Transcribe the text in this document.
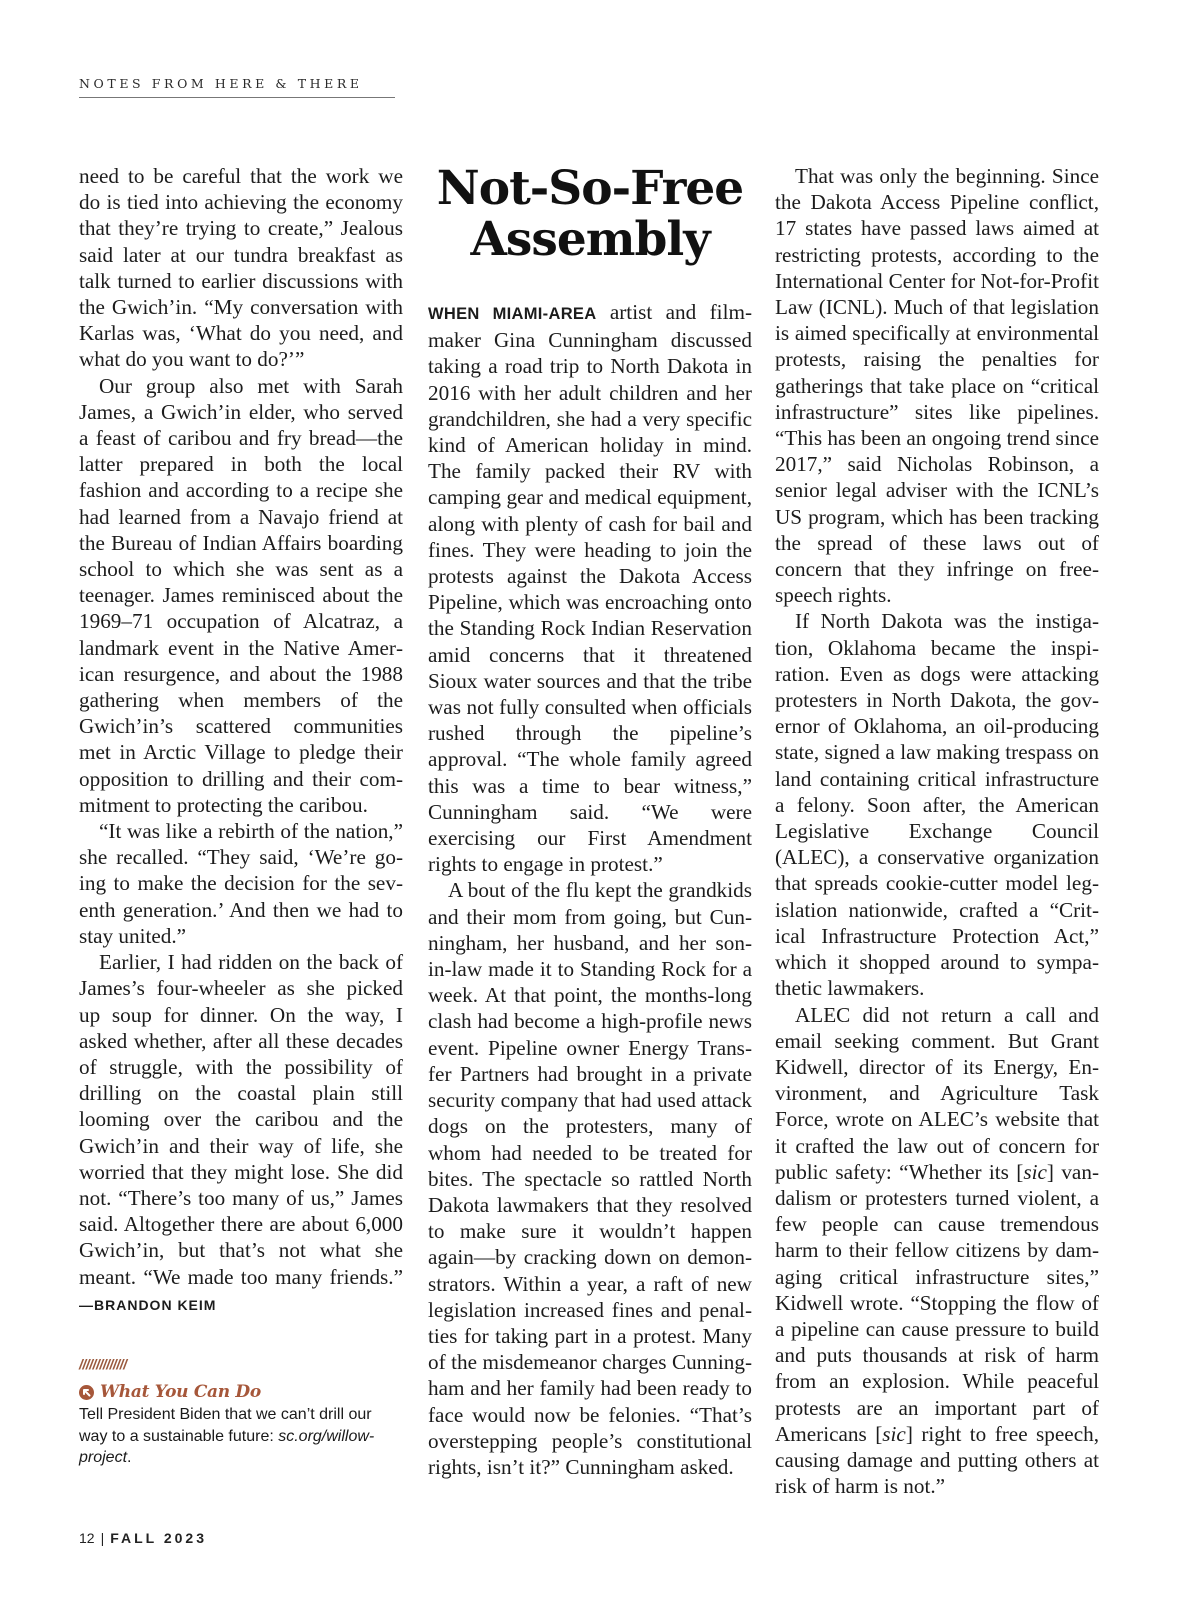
NOTES FROM HERE & THERE

need to be careful that the work we do is tied into achieving the economy that they’re trying to create,” Jealous said later at our tundra breakfast as talk turned to earlier discussions with the Gwich’in. “My conversation with Karlas was, ‘What do you need, and what do you want to do?’”

Our group also met with Sarah James, a Gwich’in elder, who served a feast of caribou and fry bread—the latter prepared in both the local fashion and according to a recipe she had learned from a Navajo friend at the Bureau of Indian Affairs boarding school to which she was sent as a teenager. James reminisced about the 1969–71 occupation of Alcatraz, a landmark event in the Native American resurgence, and about the 1988 gathering when members of the Gwich’in’s scattered communities met in Arctic Village to pledge their opposition to drilling and their commitment to protecting the caribou.

“It was like a rebirth of the nation,” she recalled. “They said, ‘We’re going to make the decision for the seventh generation.’ And then we had to stay united.”

Earlier, I had ridden on the back of James’s four-wheeler as she picked up soup for dinner. On the way, I asked whether, after all these decades of struggle, with the possibility of drilling on the coastal plain still looming over the caribou and the Gwich’in and their way of life, she worried that they might lose. She did not. “There’s too many of us,” James said. Altogether there are about 6,000 Gwich’in, but that’s not what she meant. “We made too many friends.” —BRANDON KEIM

//////////////
What You Can Do
Tell President Biden that we can’t drill our way to a sustainable future: sc.org/willow-project.
Not-So-Free Assembly

WHEN MIAMI-AREA artist and filmmaker Gina Cunningham discussed taking a road trip to North Dakota in 2016 with her adult children and her grandchildren, she had a very specific kind of American holiday in mind. The family packed their RV with camping gear and medical equipment, along with plenty of cash for bail and fines. They were heading to join the protests against the Dakota Access Pipeline, which was encroaching onto the Standing Rock Indian Reservation amid concerns that it threatened Sioux water sources and that the tribe was not fully consulted when officials rushed through the pipeline’s approval. “The whole family agreed this was a time to bear witness,” Cunningham said. “We were exercising our First Amendment rights to engage in protest.”

A bout of the flu kept the grandkids and their mom from going, but Cunningham, her husband, and her son-in-law made it to Standing Rock for a week. At that point, the months-long clash had become a high-profile news event. Pipeline owner Energy Transfer Partners had brought in a private security company that had used attack dogs on the protesters, many of whom had needed to be treated for bites. The spectacle so rattled North Dakota lawmakers that they resolved to make sure it wouldn’t happen again—by cracking down on demonstrators. Within a year, a raft of new legislation increased fines and penalties for taking part in a protest. Many of the misdemeanor charges Cunningham and her family had been ready to face would now be felonies. “That’s overstepping people’s constitutional rights, isn’t it?” Cunningham asked.

That was only the beginning. Since the Dakota Access Pipeline conflict, 17 states have passed laws aimed at restricting protests, according to the International Center for Not-for-Profit Law (ICNL). Much of that legislation is aimed specifically at environmental protests, raising the penalties for gatherings that take place on “critical infrastructure” sites like pipelines. “This has been an ongoing trend since 2017,” said Nicholas Robinson, a senior legal adviser with the ICNL’s US program, which has been tracking the spread of these laws out of concern that they infringe on free-speech rights.

If North Dakota was the instigation, Oklahoma became the inspiration. Even as dogs were attacking protesters in North Dakota, the governor of Oklahoma, an oil-producing state, signed a law making trespass on land containing critical infrastructure a felony. Soon after, the American Legislative Exchange Council (ALEC), a conservative organization that spreads cookie-cutter model legislation nationwide, crafted a “Critical Infrastructure Protection Act,” which it shopped around to sympathetic lawmakers.

ALEC did not return a call and email seeking comment. But Grant Kidwell, director of its Energy, Environment, and Agriculture Task Force, wrote on ALEC’s website that it crafted the law out of concern for public safety: “Whether its [sic] vandalism or protesters turned violent, a few people can cause tremendous harm to their fellow citizens by damaging critical infrastructure sites,” Kidwell wrote. “Stopping the flow of a pipeline can cause pressure to build and puts thousands at risk of harm from an explosion. While peaceful protests are an important part of Americans [sic] right to free speech, causing damage and putting others at risk of harm is not.”

12 | FALL 2023
